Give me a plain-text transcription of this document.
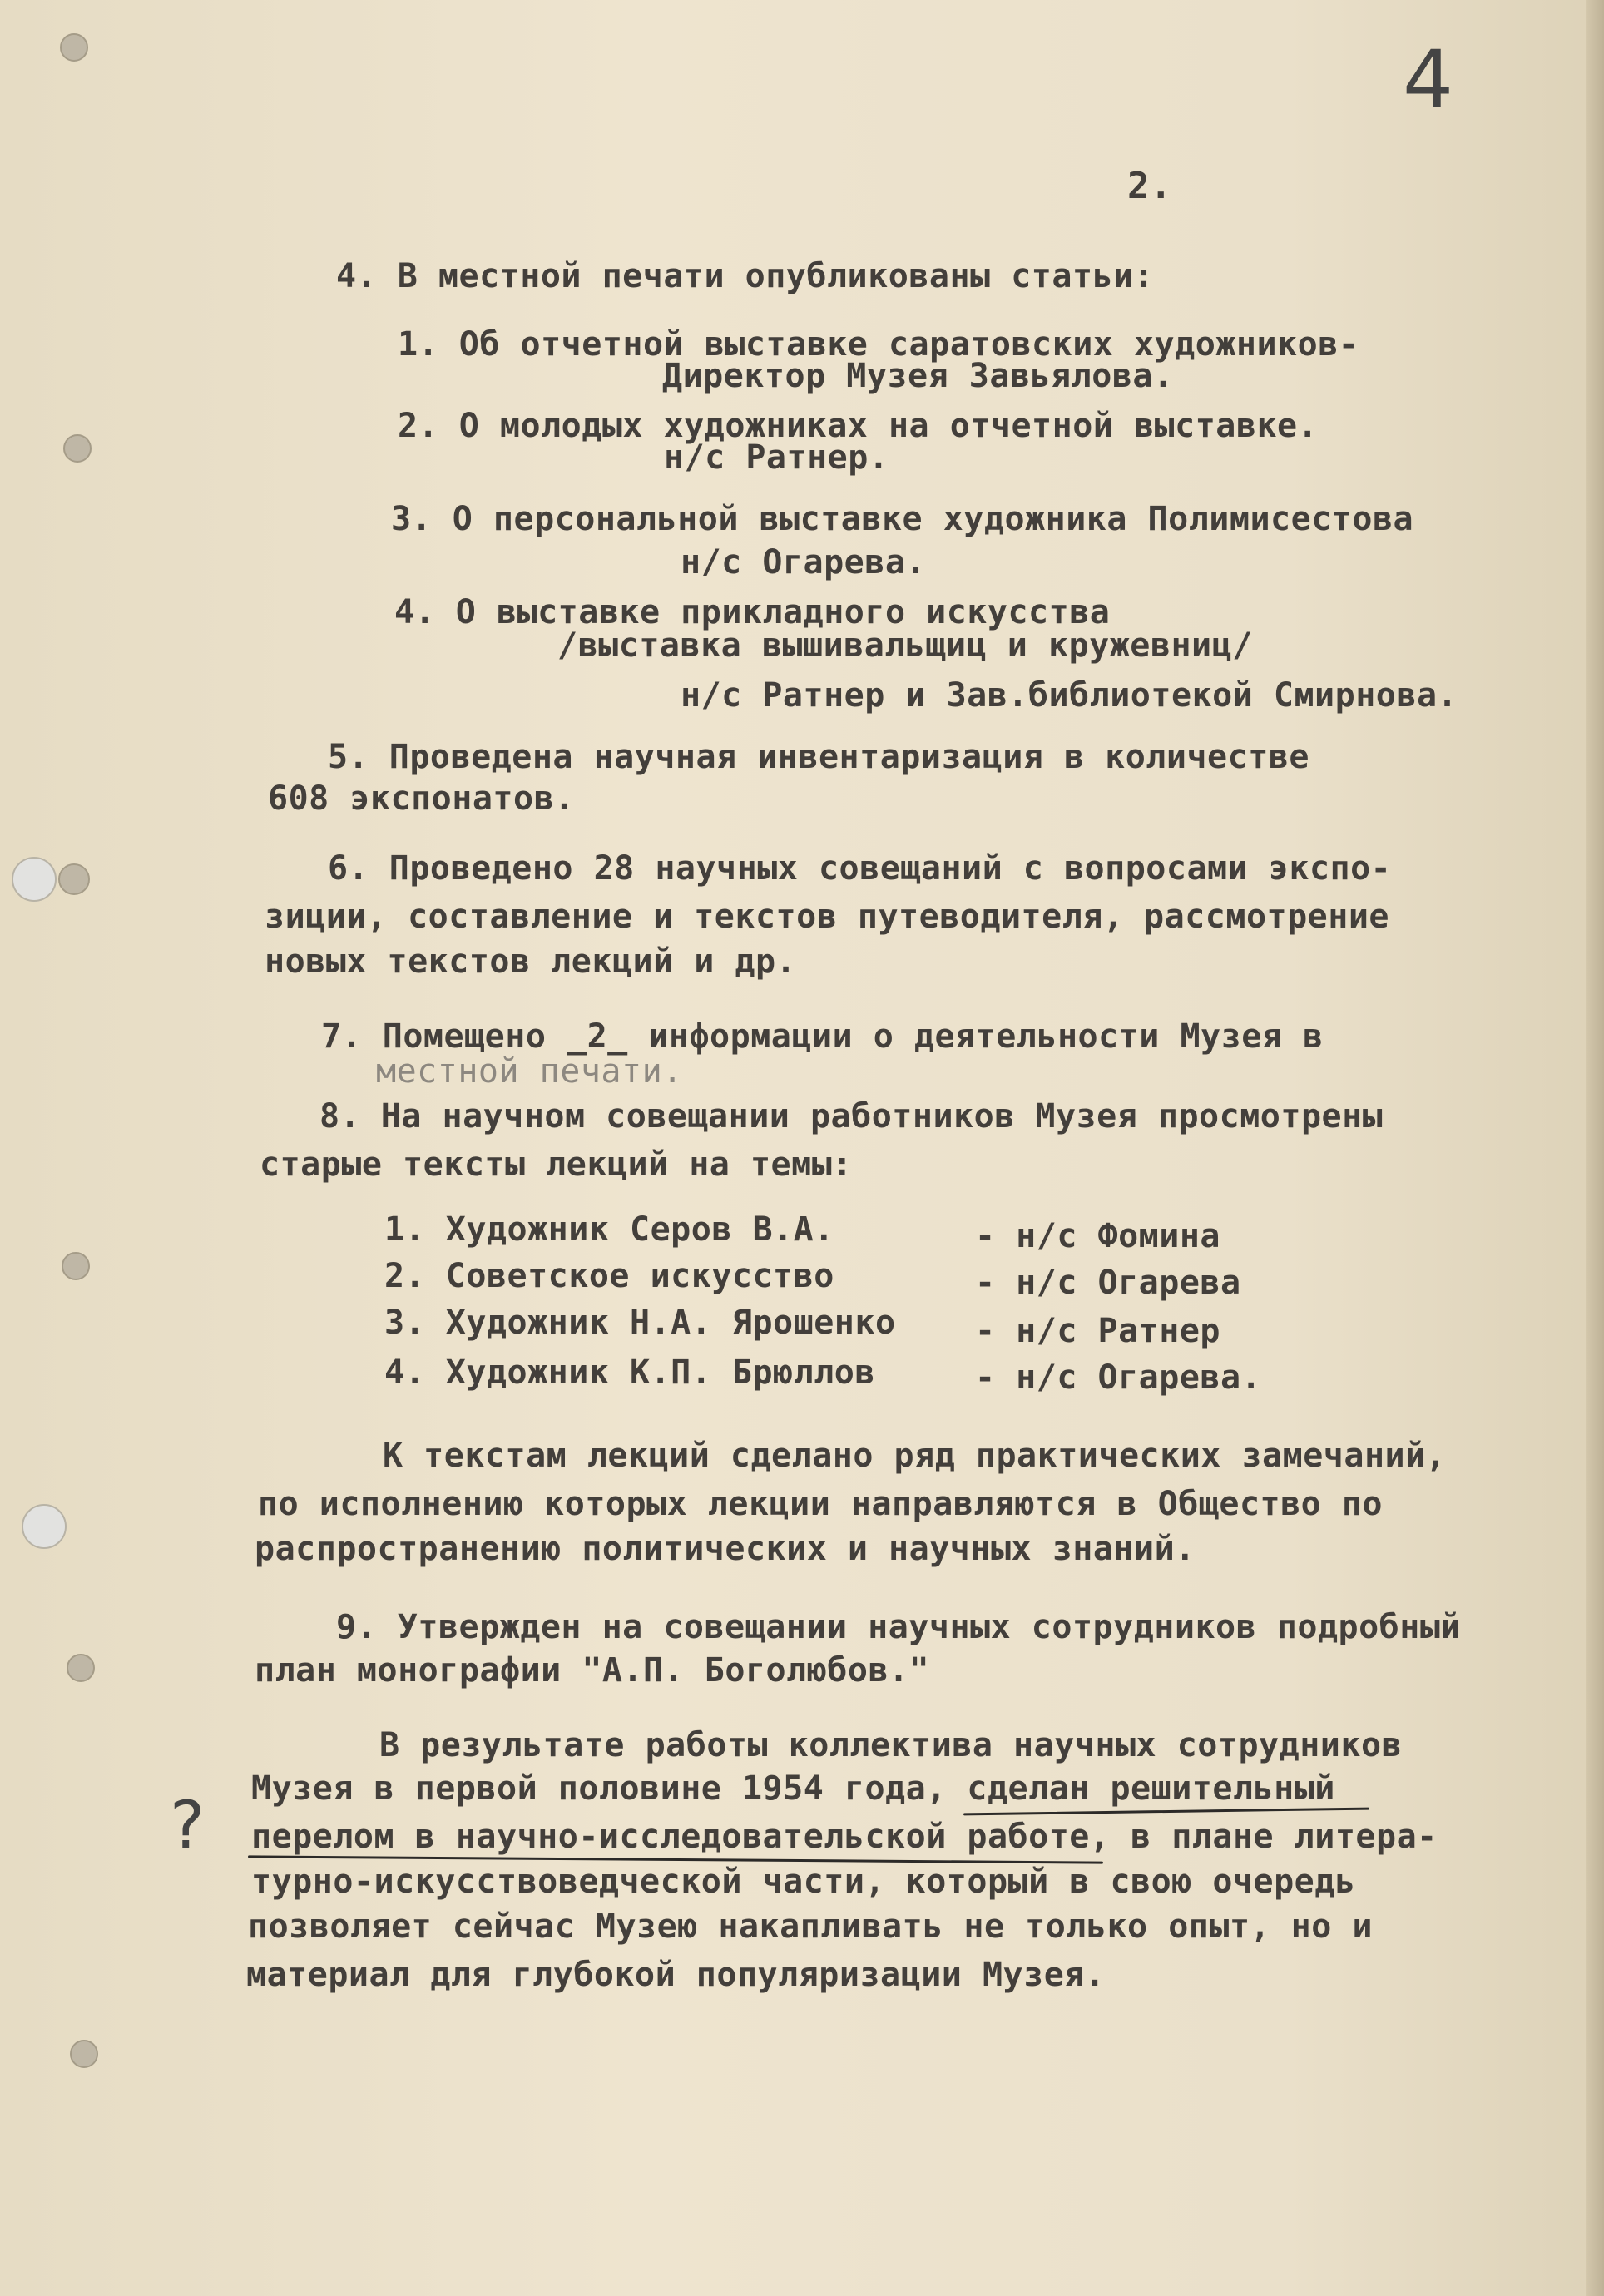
4
?
2.
4. В местной печати опубликованы статьи:
1. Об отчетной выставке саратовских художников-
Директор Музея Завьялова.
2. О молодых художниках на отчетной выставке.
н/с Ратнер.
3. О персональной выставке художника Полимисестова
н/с Огарева.
4. О выставке прикладного искусства
/выставка вышивальщиц и кружевниц/
н/с Ратнер и Зав.библиотекой Смирнова.
5. Проведена научная инвентаризация в количестве
608 экспонатов.
6. Проведено 28 научных совещаний с вопросами экспо-
зиции, составление и текстов путеводителя, рассмотрение
новых текстов лекций и др.
7. Помещено _2_ информации о деятельности Музея в
местной печати.
8. На научном совещании работников Музея просмотрены
старые тексты лекций на темы:
1. Художник Серов В.А.	- н/с Фомина
2. Советское искусство	- н/с Огарева
3. Художник Н.А. Ярошенко - н/с Ратнер
4. Художник К.П. Брюллов	- н/с Огарева.
К текстам лекций сделано ряд практических замечаний,
по исполнению которых лекции направляются в Общество по
распространению политических и научных знаний.
9. Утвержден на совещании научных сотрудников подробный
план монографии "А.П. Боголюбов."
В результате работы коллектива научных сотрудников
Музея в первой половине 1954 года, сделан решительный
перелом в научно-исследовательской работе, в плане литера-
турно-искусствоведческой части, который в свою очередь
позволяет сейчас Музею накапливать не только опыт, но и
материал для глубокой популяризации Музея.
